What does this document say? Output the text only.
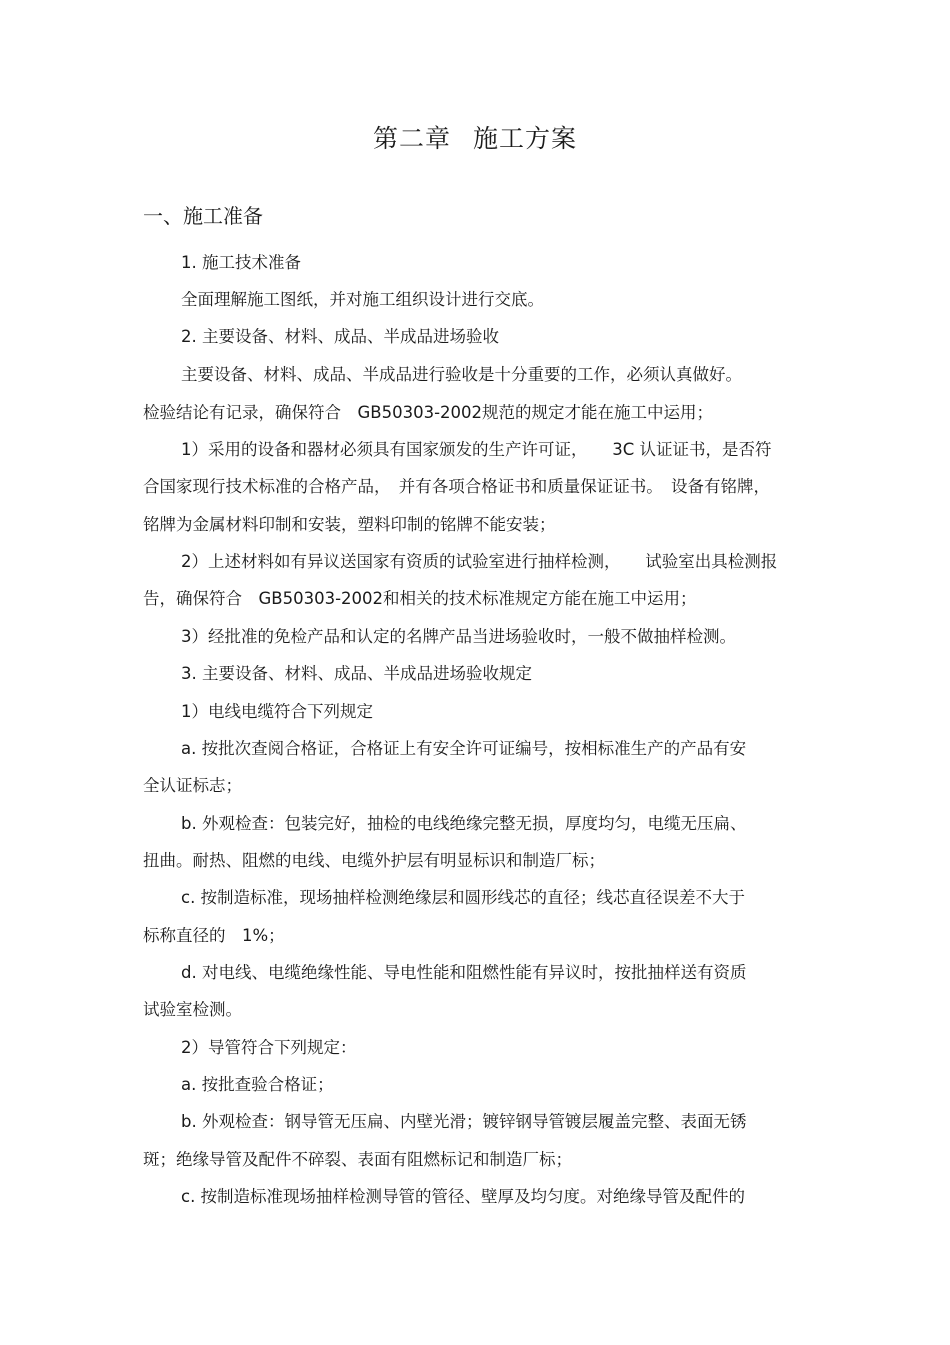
第二章 施工方案
一、施工准备
1. 施工技术准备
全面理解施工图纸，并对施工组织设计进行交底。
2. 主要设备、材料、成品、半成品进场验收
主要设备、材料、成品、半成品进行验收是十分重要的工作，必须认真做好。
检验结论有记录，确保符合　GB50303-2002规范的规定才能在施工中运用；
1）采用的设备和器材必须具有国家颁发的生产许可证，　　3C 认证证书，是否符
合国家现行技术标准的合格产品，　并有各项合格证书和质量保证证书。　设备有铭牌，
铭牌为金属材料印制和安装，塑料印制的铭牌不能安装；
2）上述材料如有异议送国家有资质的试验室进行抽样检测，　　试验室出具检测报
告，确保符合　GB50303-2002和相关的技术标准规定方能在施工中运用；
3）经批准的免检产品和认定的名牌产品当进场验收时，一般不做抽样检测。
3. 主要设备、材料、成品、半成品进场验收规定
1）电线电缆符合下列规定
a. 按批次查阅合格证，合格证上有安全许可证编号，按相标准生产的产品有安
全认证标志；
b. 外观检查：包装完好，抽检的电线绝缘完整无损，厚度均匀，电缆无压扁、
扭曲。耐热、阻燃的电线、电缆外护层有明显标识和制造厂标；
c. 按制造标准，现场抽样检测绝缘层和圆形线芯的直径；线芯直径误差不大于
标称直径的　1%；
d. 对电线、电缆绝缘性能、导电性能和阻燃性能有异议时，按批抽样送有资质
试验室检测。
2）导管符合下列规定：
a. 按批查验合格证；
b. 外观检查：钢导管无压扁、内壁光滑；镀锌钢导管镀层履盖完整、表面无锈
斑；绝缘导管及配件不碎裂、表面有阻燃标记和制造厂标；
c. 按制造标准现场抽样检测导管的管径、壁厚及均匀度。对绝缘导管及配件的
